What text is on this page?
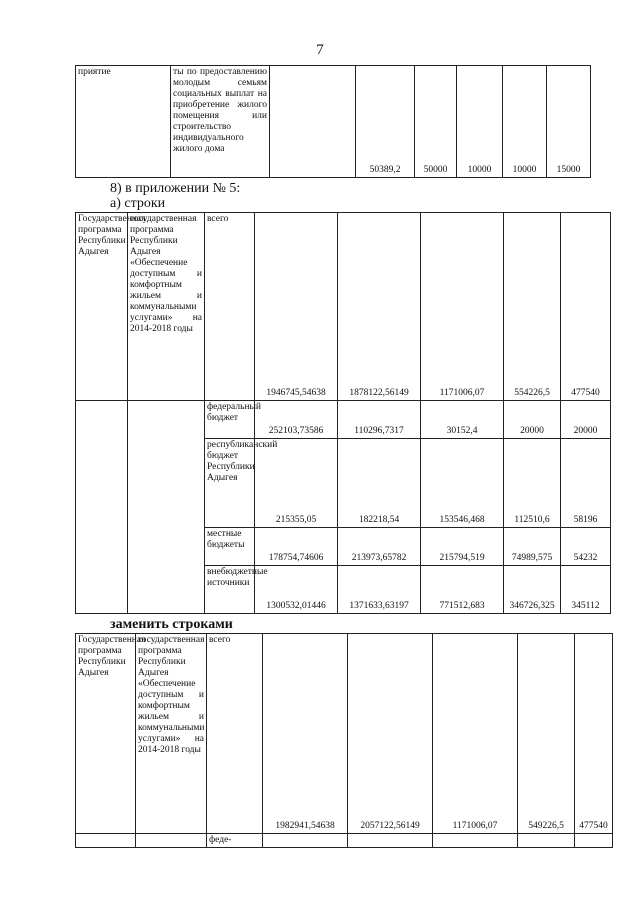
7
приятие	ты по предоставлению молодым семьям социальных выплат на приобретение жилого помещения или строительство индивидуального жилого дома		50389,2	50000	10000	10000	15000
8) в приложении № 5:
а) строки
Государственная программа Республики Адыгея	государственная программа Республики Адыгея «Обеспечение доступным и комфортным жильем и коммунальными услугами» на 2014-2018 годы	всего	1946745,54638	1878122,56149	1171006,07	554226,5	477540
		федеральный бюджет	252103,73586	110296,7317	30152,4	20000	20000
		республиканский бюджет Республики Адыгея	215355,05	182218,54	153546,468	112510,6	58196
		местные бюджеты	178754,74606	213973,65782	215794,519	74989,575	54232
		внебюджетные источники	1300532,01446	1371633,63197	771512,683	346726,325	345112
заменить строками
Государственная программа Республики Адыгея	государственная программа Республики Адыгея «Обеспечение доступным и комфортным жильем и коммунальными услугами» на 2014-2018 годы	всего	1982941,54638	2057122,56149	1171006,07	549226,5	477540
		феде-					
